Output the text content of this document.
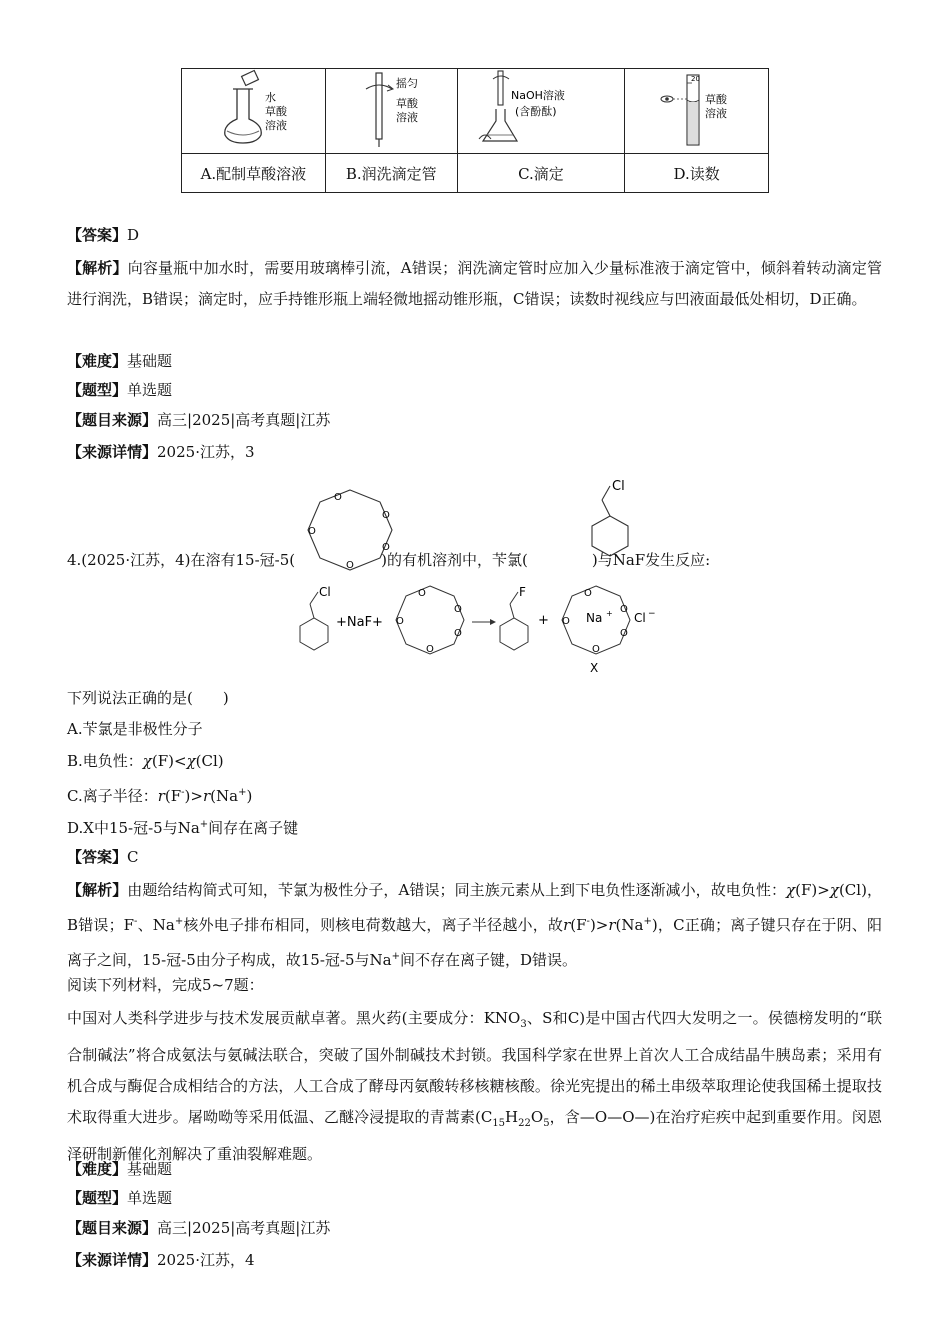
水
草酸
溶液	摇匀
草酸
溶液	NaOH溶液
(含酚酞)	20
草酸
溶液

A.配制草酸溶液	B.润洗滴定管	C.滴定	D.读数
【答案】D
【解析】向容量瓶中加水时，需要用玻璃棒引流，A错误；润洗滴定管时应加入少量标准液于滴定管中，倾斜着转动滴定管进行润洗，B错误；滴定时，应手持锥形瓶上端轻微地摇动锥形瓶，C错误；读数时视线应与凹液面最低处相切，D正确。
【难度】基础题
【题型】单选题
【题目来源】高三|2025|高考真题|江苏
【来源详情】2025·江苏，3
O
O
O
O
O
Cl
4.(2025·江苏，4)在溶有15-冠-5(	)的有机溶剂中，苄氯(	)与NaF发生反应:
Cl
+NaF+
O
O
O
O
O
F
+
O
O
O
O
O Na + Cl −
X
下列说法正确的是(　　)
A.苄氯是非极性分子
B.电负性：χ(F)<χ(Cl)
C.离子半径：r(F-)>r(Na+)
D.X中15-冠-5与Na+间存在离子键
【答案】C
【解析】由题给结构简式可知，苄氯为极性分子，A错误；同主族元素从上到下电负性逐渐减小，故电负性：χ(F)>χ(Cl)，B错误；F-、Na+核外电子排布相同，则核电荷数越大，离子半径越小，故r(F-)>r(Na+)，C正确；离子键只存在于阴、阳离子之间，15-冠-5由分子构成，故15-冠-5与Na+间不存在离子键，D错误。
阅读下列材料，完成5~7题：
中国对人类科学进步与技术发展贡献卓著。黑火药(主要成分：$KNO_3$、S和C)是中国古代四大发明之一。侯德榜发明的“联合制碱法”将合成氨法与氨碱法联合，突破了国外制碱技术封锁。我国科学家在世界上首次人工合成结晶牛胰岛素；采用有机合成与酶促合成相结合的方法，人工合成了酵母丙氨酸转移核糖核酸。徐光宪提出的稀土串级萃取理论使我国稀土提取技术取得重大进步。屠呦呦等采用低温、乙醚冷浸提取的青蒿素($C_{15}H_{22}O_5$，含—O—O—)在治疗疟疾中起到重要作用。闵恩泽研制新催化剂解决了重油裂解难题。
【难度】基础题
【题型】单选题
【题目来源】高三|2025|高考真题|江苏
【来源详情】2025·江苏，4
